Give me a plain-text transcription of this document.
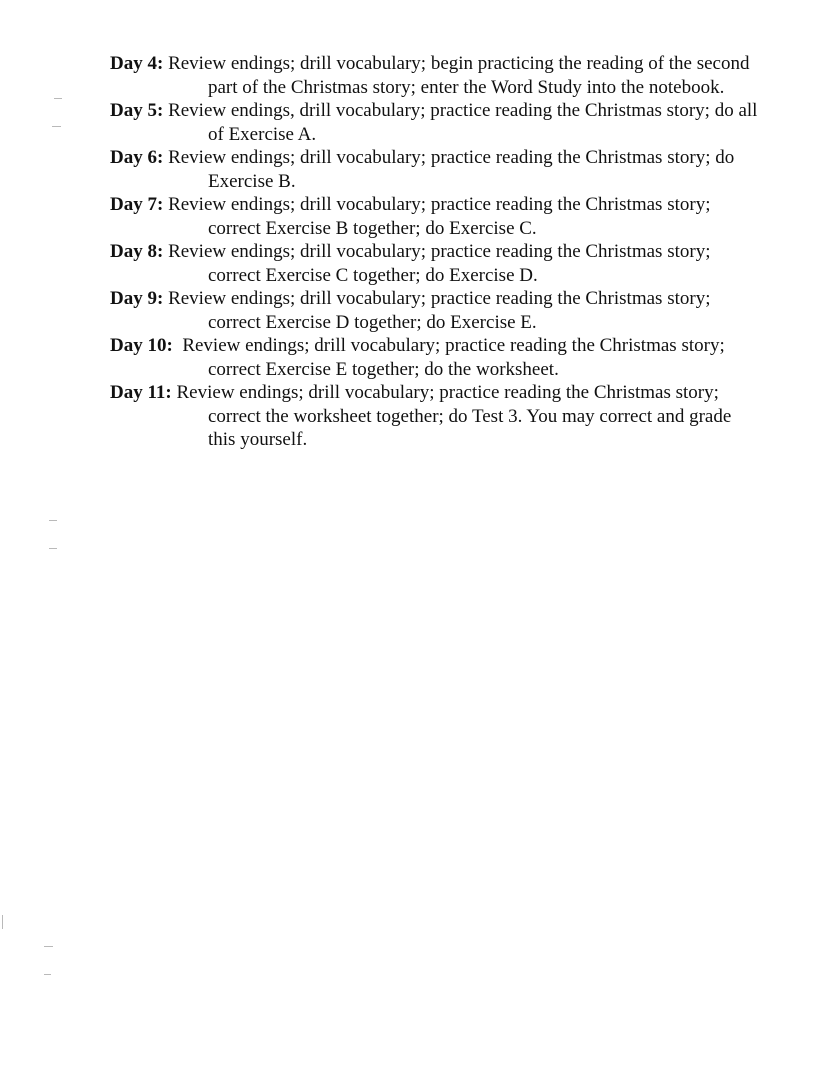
Day 4: Review endings; drill vocabulary; begin practicing the reading of the second
part of the Christmas story; enter the Word Study into the notebook.

Day 5: Review endings, drill vocabulary; practice reading the Christmas story; do all
of Exercise A.

Day 6: Review endings; drill vocabulary; practice reading the Christmas story; do
Exercise B.

Day 7: Review endings; drill vocabulary; practice reading the Christmas story;
correct Exercise B together; do Exercise C.

Day 8: Review endings; drill vocabulary; practice reading the Christmas story;
correct Exercise C together; do Exercise D.

Day 9: Review endings; drill vocabulary; practice reading the Christmas story;
correct Exercise D together; do Exercise E.

Day 10: Review endings; drill vocabulary; practice reading the Christmas story;
correct Exercise E together; do the worksheet.

Day 11: Review endings; drill vocabulary; practice reading the Christmas story;
correct the worksheet together; do Test 3. You may correct and grade
this yourself.
